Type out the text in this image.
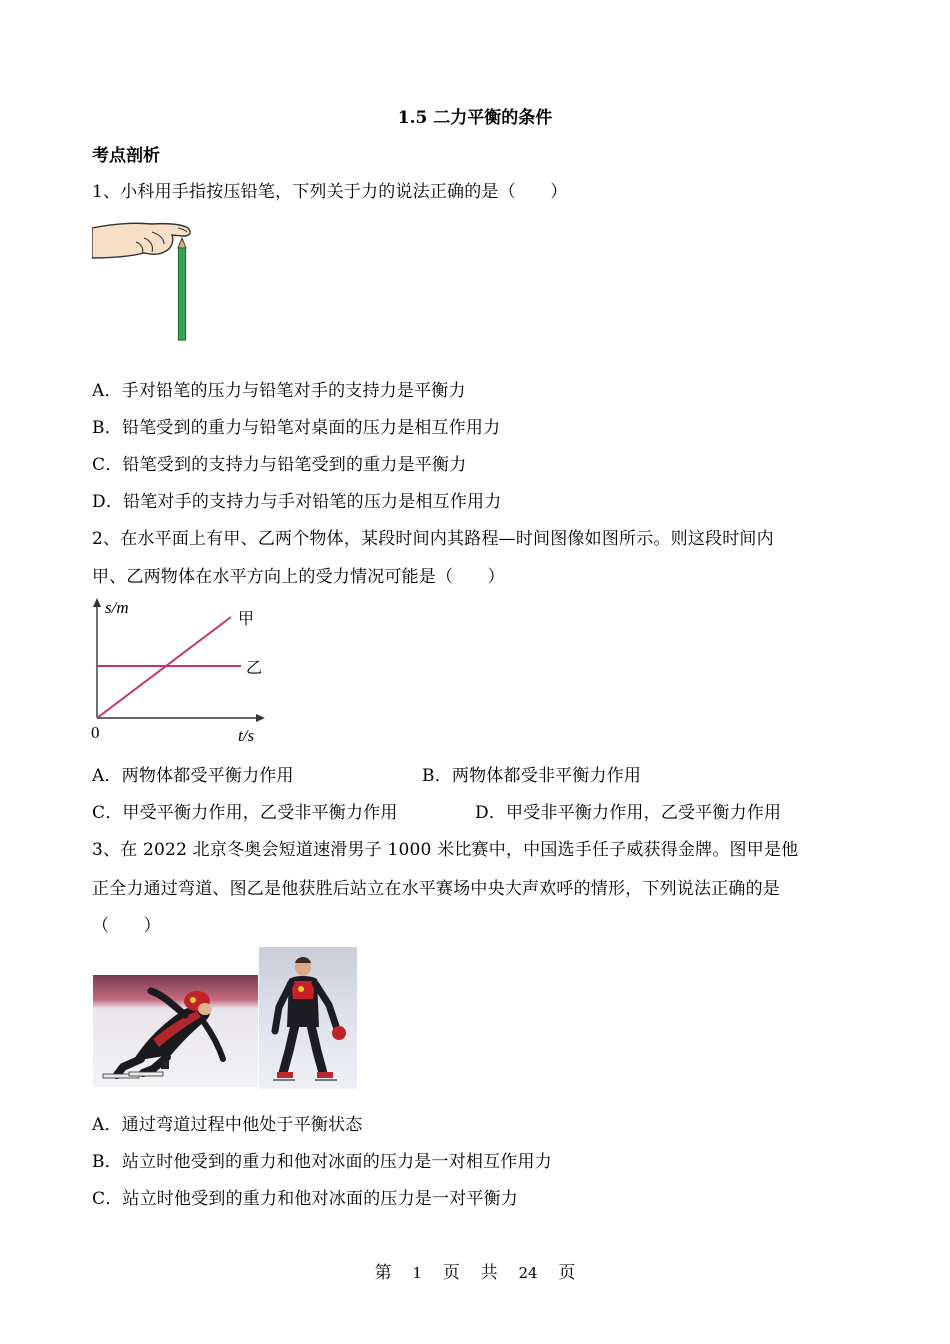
1.5 二力平衡的条件
考点剖析
1、小科用手指按压铅笔，下列关于力的说法正确的是（　　）
A．手对铅笔的压力与铅笔对手的支持力是平衡力
B．铅笔受到的重力与铅笔对桌面的压力是相互作用力
C．铅笔受到的支持力与铅笔受到的重力是平衡力
D．铅笔对手的支持力与手对铅笔的压力是相互作用力
2、在水平面上有甲、乙两个物体，某段时间内其路程—时间图像如图所示。则这段时间内
甲、乙两物体在水平方向上的受力情况可能是（　　）
s/m
甲
乙
0	t/s
A．两物体都受平衡力作用	B．两物体都受非平衡力作用
C．甲受平衡力作用，乙受非平衡力作用	D．甲受非平衡力作用，乙受平衡力作用
3、在 2022 北京冬奥会短道速滑男子 1000 米比赛中，中国选手任子威获得金牌。图甲是他
正全力通过弯道、图乙是他获胜后站立在水平赛场中央大声欢呼的情形，下列说法正确的是
（　　）
A．通过弯道过程中他处于平衡状态
B．站立时他受到的重力和他对冰面的压力是一对相互作用力
C．站立时他受到的重力和他对冰面的压力是一对平衡力
第 1 页 共 24 页
